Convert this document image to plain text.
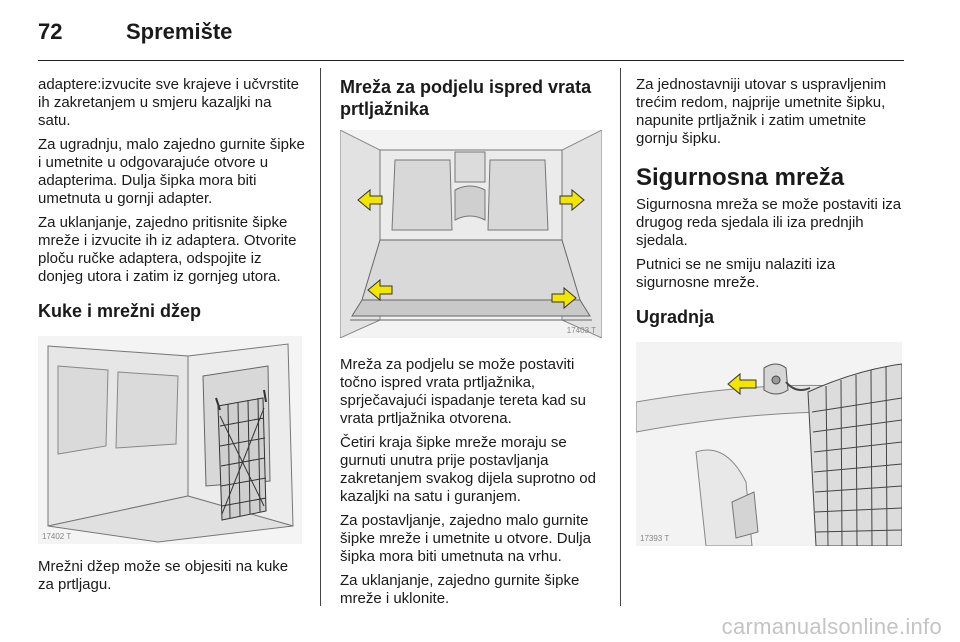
72	Spremište

adaptere:izvucite sve krajeve i učvrstite ih zakretanjem u smjeru kazaljki na satu.

Za ugradnju, malo zajedno gurnite šipke i umetnite u odgovarajuće otvore u adapterima. Dulja šipka mora biti umetnuta u gornji adapter.

Za uklanjanje, zajedno pritisnite šipke mreže i izvucite ih iz adaptera. Otvorite ploču ručke adaptera, odspojite iz donjeg utora i zatim iz gornjeg utora.

Kuke i mrežni džep
17402 T

Mrežni džep može se objesiti na kuke za prtljagu.

Mreža za podjelu ispred vrata prtljažnika
17403 T

Mreža za podjelu se može postaviti točno ispred vrata prtljažnika, sprječavajući ispadanje tereta kad su vrata prtljažnika otvorena.

Četiri kraja šipke mreže moraju se gurnuti unutra prije postavljanja zakretanjem svakog dijela suprotno od kazaljki na satu i guranjem.

Za postavljanje, zajedno malo gurnite šipke mreže i umetnite u otvore. Dulja šipka mora biti umetnuta na vrhu.

Za uklanjanje, zajedno gurnite šipke mreže i uklonite.

Za jednostavniji utovar s uspravljenim trećim redom, najprije umetnite šipku, napunite prtljažnik i zatim umetnite gornju šipku.

Sigurnosna mreža

Sigurnosna mreža se može postaviti iza drugog reda sjedala ili iza prednjih sjedala.

Putnici se ne smiju nalaziti iza sigurnosne mreže.

Ugradnja
17393 T
carmanualsonline.info
